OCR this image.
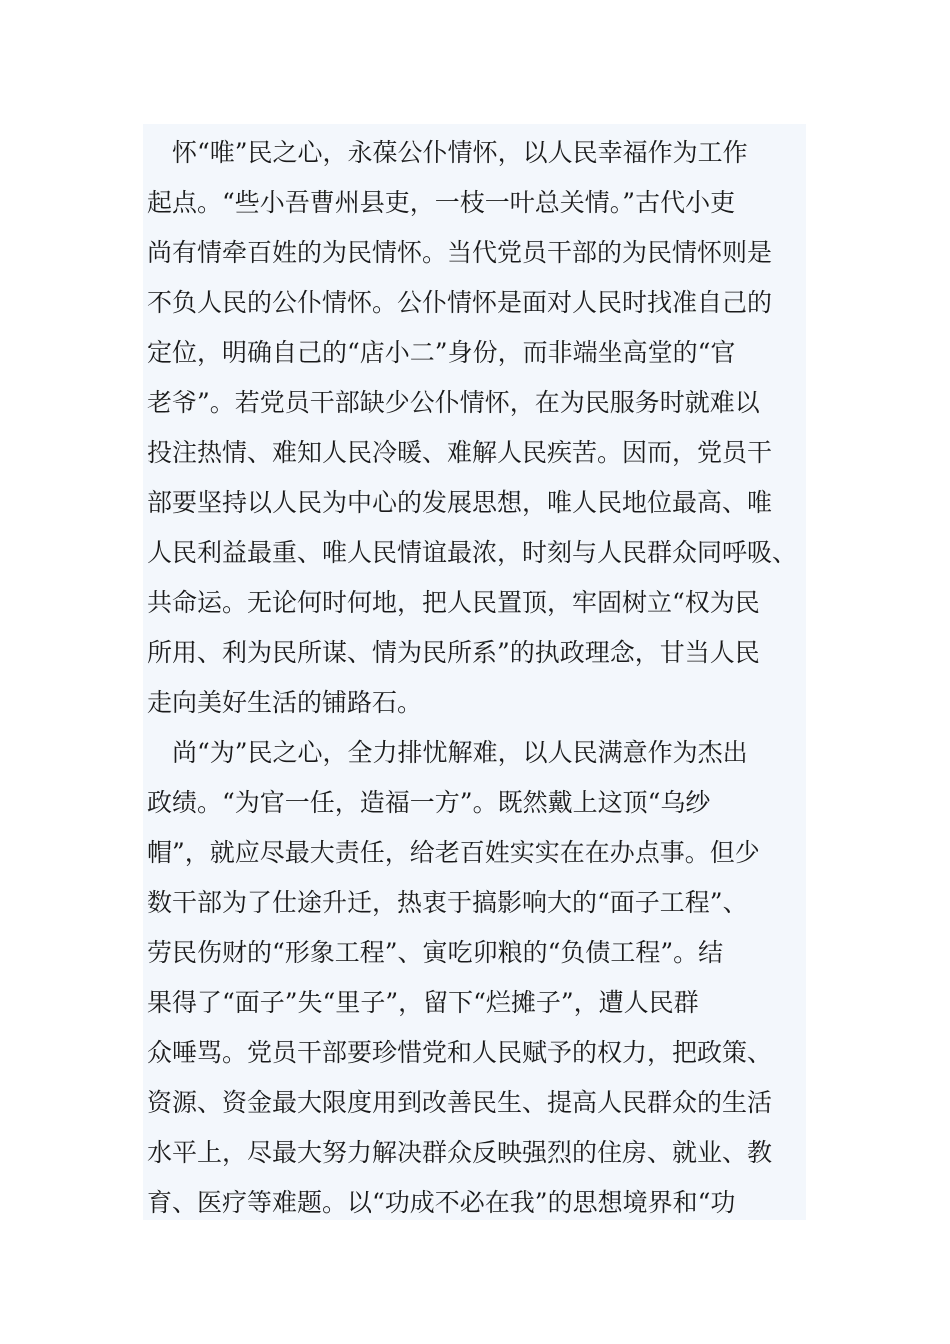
　怀“唯”民之心，永葆公仆情怀，以人民幸福作为工作
起点。“些小吾曹州县吏，一枝一叶总关情。”古代小吏
尚有情牵百姓的为民情怀。当代党员干部的为民情怀则是
不负人民的公仆情怀。公仆情怀是面对人民时找准自己的
定位，明确自己的“店小二”身份，而非端坐高堂的“官
老爷”。若党员干部缺少公仆情怀，在为民服务时就难以
投注热情、难知人民冷暖、难解人民疾苦。因而，党员干
部要坚持以人民为中心的发展思想，唯人民地位最高、唯
人民利益最重、唯人民情谊最浓，时刻与人民群众同呼吸、
共命运。无论何时何地，把人民置顶，牢固树立“权为民
所用、利为民所谋、情为民所系”的执政理念，甘当人民
走向美好生活的铺路石。
　尚“为”民之心，全力排忧解难，以人民满意作为杰出
政绩。“为官一任，造福一方”。既然戴上这顶“乌纱
帽”，就应尽最大责任，给老百姓实实在在办点事。但少
数干部为了仕途升迁，热衷于搞影响大的“面子工程”、
劳民伤财的“形象工程”、寅吃卯粮的“负债工程”。结
果得了“面子”失“里子”，留下“烂摊子”，遭人民群
众唾骂。党员干部要珍惜党和人民赋予的权力，把政策、
资源、资金最大限度用到改善民生、提高人民群众的生活
水平上，尽最大努力解决群众反映强烈的住房、就业、教
育、医疗等难题。以“功成不必在我”的思想境界和“功
